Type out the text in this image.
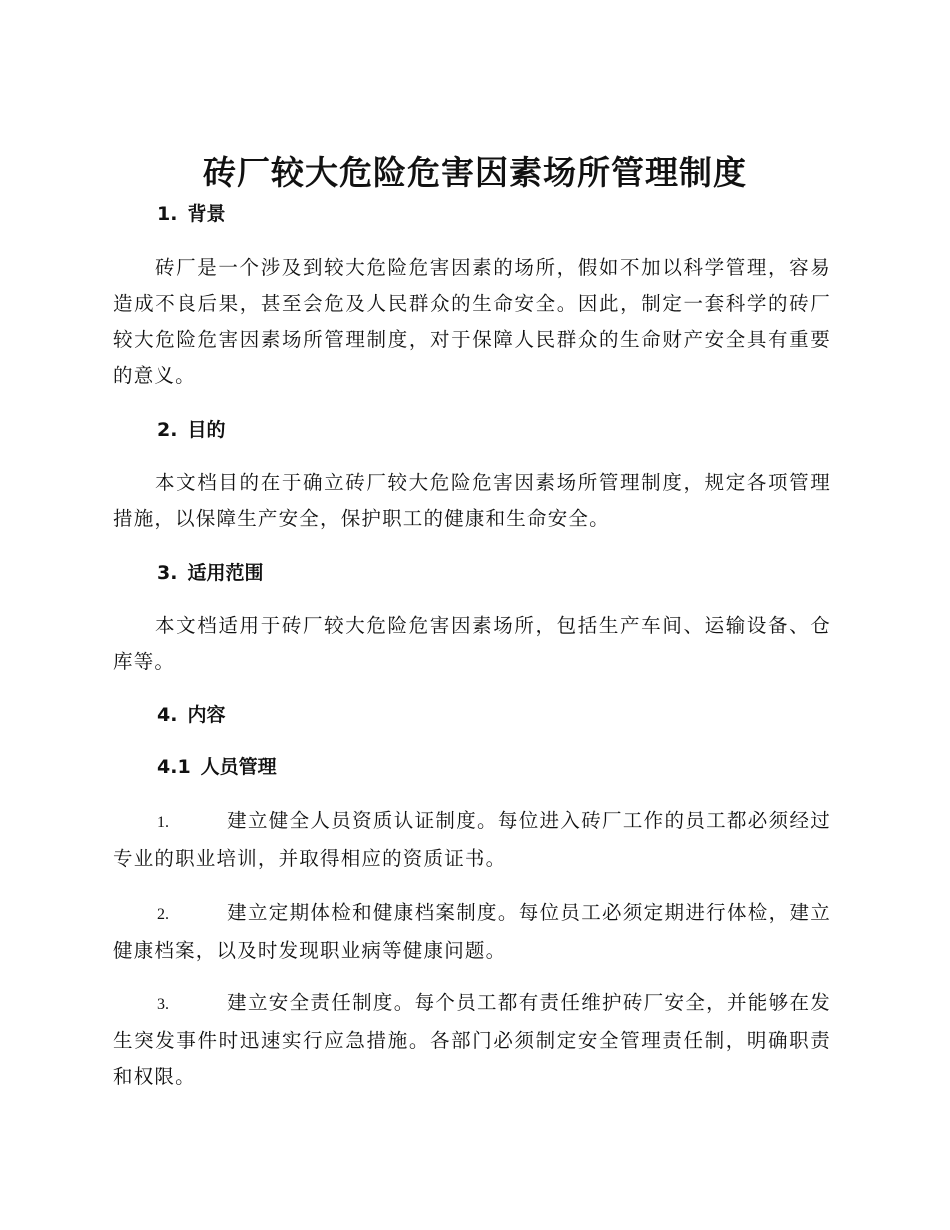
砖厂较大危险危害因素场所管理制度
1. 背景

砖厂是一个涉及到较大危险危害因素的场所，假如不加以科学管理，容易造成不良后果，甚至会危及人民群众的生命安全。因此，制定一套科学的砖厂较大危险危害因素场所管理制度，对于保障人民群众的生命财产安全具有重要的意义。

2. 目的

本文档目的在于确立砖厂较大危险危害因素场所管理制度，规定各项管理措施，以保障生产安全，保护职工的健康和生命安全。

3. 适用范围

本文档适用于砖厂较大危险危害因素场所，包括生产车间、运输设备、仓库等。

4. 内容
4.1 人员管理

1.	建立健全人员资质认证制度。每位进入砖厂工作的员工都必须经过专业的职业培训，并取得相应的资质证书。

2.	建立定期体检和健康档案制度。每位员工必须定期进行体检，建立健康档案，以及时发现职业病等健康问题。

3.	建立安全责任制度。每个员工都有责任维护砖厂安全，并能够在发生突发事件时迅速实行应急措施。各部门必须制定安全管理责任制，明确职责和权限。
